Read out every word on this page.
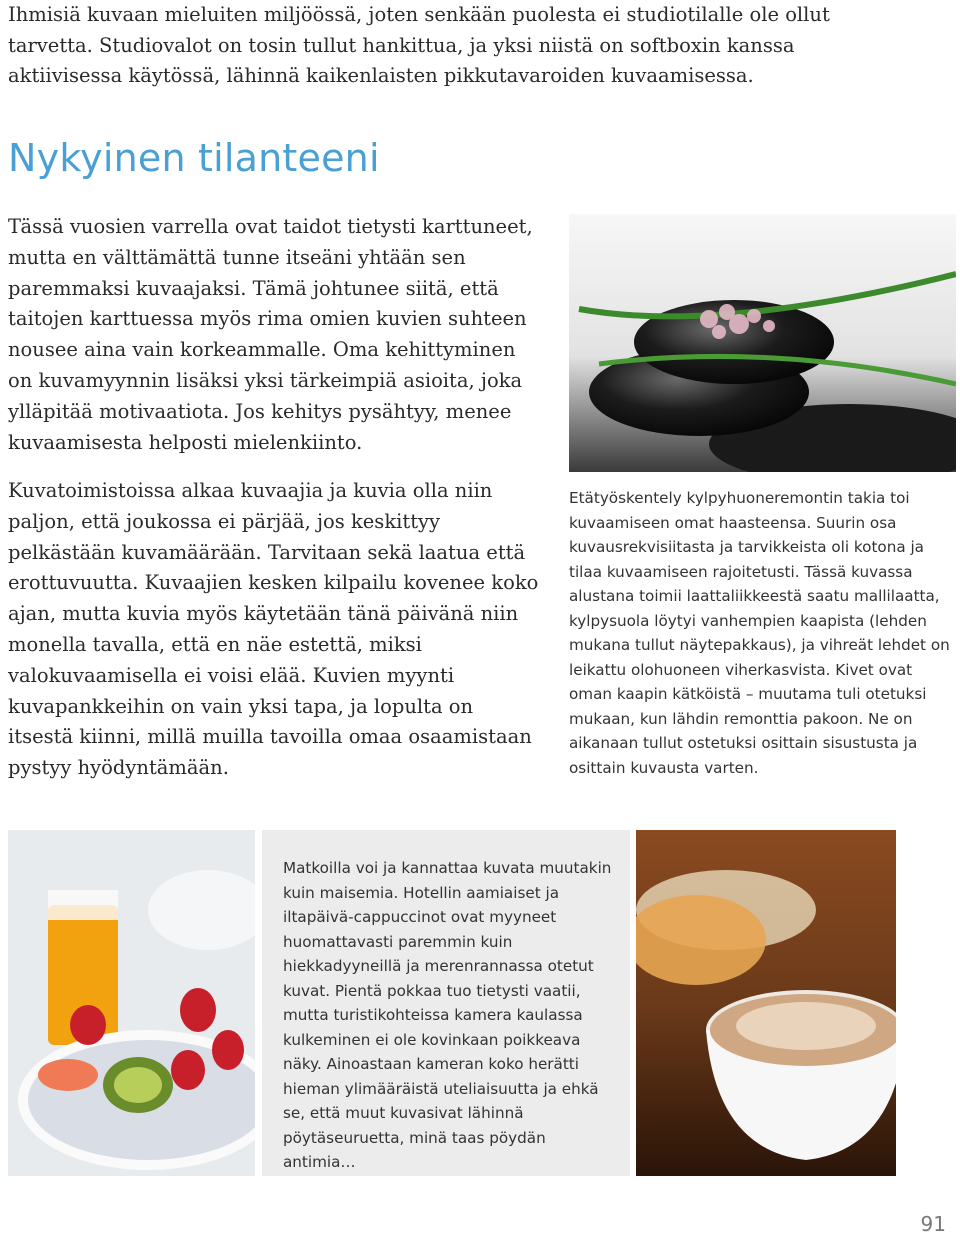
Ihmisiä kuvaan mieluiten miljöössä, joten senkään puolesta ei studiotilalle ole ollut tarvetta. Studiovalot on tosin tullut hankittua, ja yksi niistä on softboxin kanssa aktiivisessa käytössä, lähinnä kaikenlaisten pikkutavaroiden kuvaamisessa.

Nykyinen tilanteeni

Tässä vuosien varrella ovat taidot tietysti karttuneet, mutta en välttämättä tunne itseäni yhtään sen paremmaksi kuvaajaksi. Tämä johtunee siitä, että taitojen karttuessa myös rima omien kuvien suhteen nousee aina vain korkeammalle. Oma kehittyminen on kuvamyynnin lisäksi yksi tärkeimpiä asioita, joka ylläpitää motivaatiota. Jos kehitys pysähtyy, menee kuvaamisesta helposti mielenkiinto.

Kuvatoimistoissa alkaa kuvaajia ja kuvia olla niin paljon, että joukossa ei pärjää, jos keskittyy pelkästään kuvamäärään. Tarvitaan sekä laatua että erottuvuutta. Kuvaajien kesken kilpailu kovenee koko ajan, mutta kuvia myös käytetään tänä päivänä niin monella tavalla, että en näe estettä, miksi valokuvaamisella ei voisi elää. Kuvien myynti kuvapankkeihin on vain yksi tapa, ja lopulta on itsestä kiinni, millä muilla tavoilla omaa osaamistaan pystyy hyödyntämään.

Etätyöskentely kylpyhuoneremontin takia toi kuvaamiseen omat haasteensa. Suurin osa kuvausrekvisiitasta ja tarvikkeista oli kotona ja tilaa kuvaamiseen rajoitetusti. Tässä kuvassa alustana toimii laattaliikkeestä saatu mallilaatta, kylpysuola löytyi vanhempien kaapista (lehden mukana tullut näytepakkaus), ja vihreät lehdet on leikattu olohuoneen viherkasvista. Kivet ovat oman kaapin kätköistä – muutama tuli otetuksi mukaan, kun lähdin remonttia pakoon. Ne on aikanaan tullut ostetuksi osittain sisustusta ja osittain kuvausta varten.

Matkoilla voi ja kannattaa kuvata muutakin kuin maisemia. Hotellin aamiaiset ja iltapäivä-cappuccinot ovat myyneet huomattavasti paremmin kuin hiekkadyyneillä ja merenrannassa otetut kuvat. Pientä pokkaa tuo tietysti vaatii, mutta turistikohteissa kamera kaulassa kulkeminen ei ole kovinkaan poikkeava näky. Ainoastaan kameran koko herätti hieman ylimääräistä uteliaisuutta ja ehkä se, että muut kuvasivat lähinnä pöytäseuruetta, minä taas pöydän antimia…

91
